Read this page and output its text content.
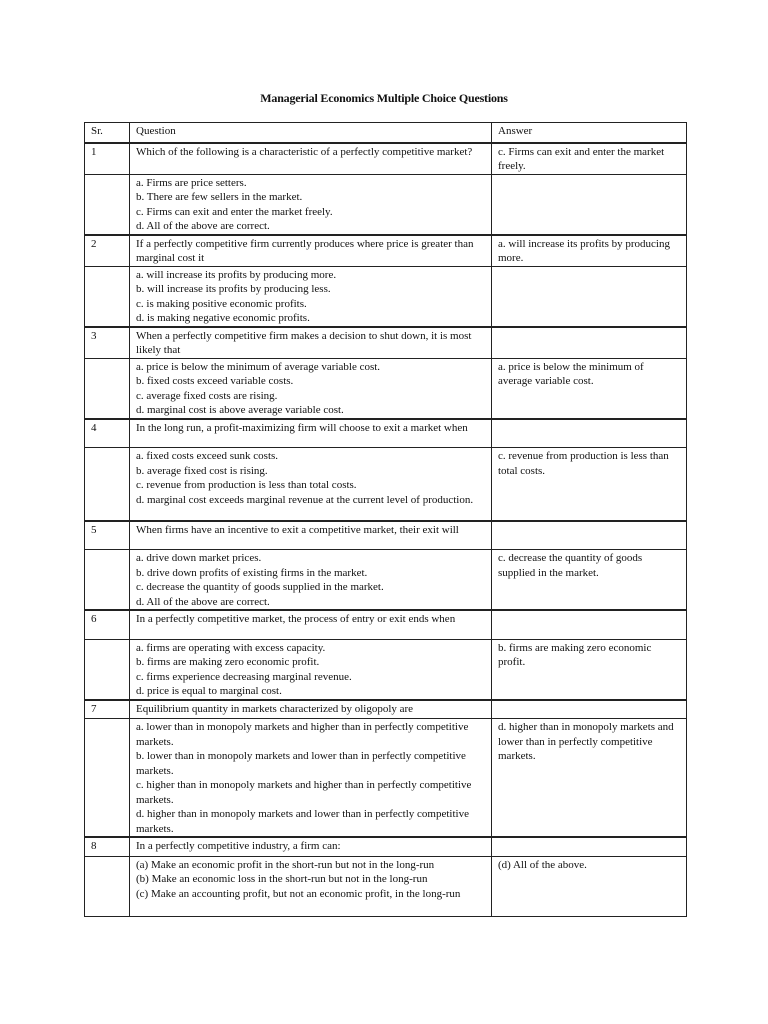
Managerial Economics Multiple Choice Questions
Sr.	Question	Answer
1	Which of the following is a characteristic of a perfectly competitive market?	c. Firms can exit and enter the market freely.

	a. Firms are price setters.
b. There are few sellers in the market.
c. Firms can exit and enter the market freely.
d. All of the above are correct.	

2	If a perfectly competitive firm currently produces where price is greater than marginal cost it	a. will increase its profits by producing more.

	a. will increase its profits by producing more.
b. will increase its profits by producing less.
c. is making positive economic profits.
d. is making negative economic profits.	

3	When a perfectly competitive firm makes a decision to shut down, it is most likely that	

	a. price is below the minimum of average variable cost.
b. fixed costs exceed variable costs.
c. average fixed costs are rising.
d. marginal cost is above average variable cost.	a. price is below the minimum of average variable cost.
4	In the long run, a profit-maximizing firm will choose to exit a market when	

	a. fixed costs exceed sunk costs.
b. average fixed cost is rising.
c. revenue from production is less than total costs.
d. marginal cost exceeds marginal revenue at the current level of production.	c. revenue from production is less than total costs.
5	When firms have an incentive to exit a competitive market, their exit will	

	a. drive down market prices.
b. drive down profits of existing firms in the market.
c. decrease the quantity of goods supplied in the market.
d. All of the above are correct.	c. decrease the quantity of goods supplied in the market.
6	In a perfectly competitive market, the process of entry or exit ends when	

	a. firms are operating with excess capacity.
b. firms are making zero economic profit.
c. firms experience decreasing marginal revenue.
d. price is equal to marginal cost.	b. firms are making zero economic profit.
7	Equilibrium quantity in markets characterized by oligopoly are	

	a. lower than in monopoly markets and higher than in perfectly competitive markets.
b. lower than in monopoly markets and lower than in perfectly competitive markets.
c. higher than in monopoly markets and higher than in perfectly competitive markets.
d. higher than in monopoly markets and lower than in perfectly competitive markets.	d. higher than in monopoly markets and lower than in perfectly competitive markets.
8	In a perfectly competitive industry, a firm can:	

	(a) Make an economic profit in the short-run but not in the long-run
(b) Make an economic loss in the short-run but not in the long-run
(c) Make an accounting profit, but not an economic profit, in the long-run	(d) All of the above.
